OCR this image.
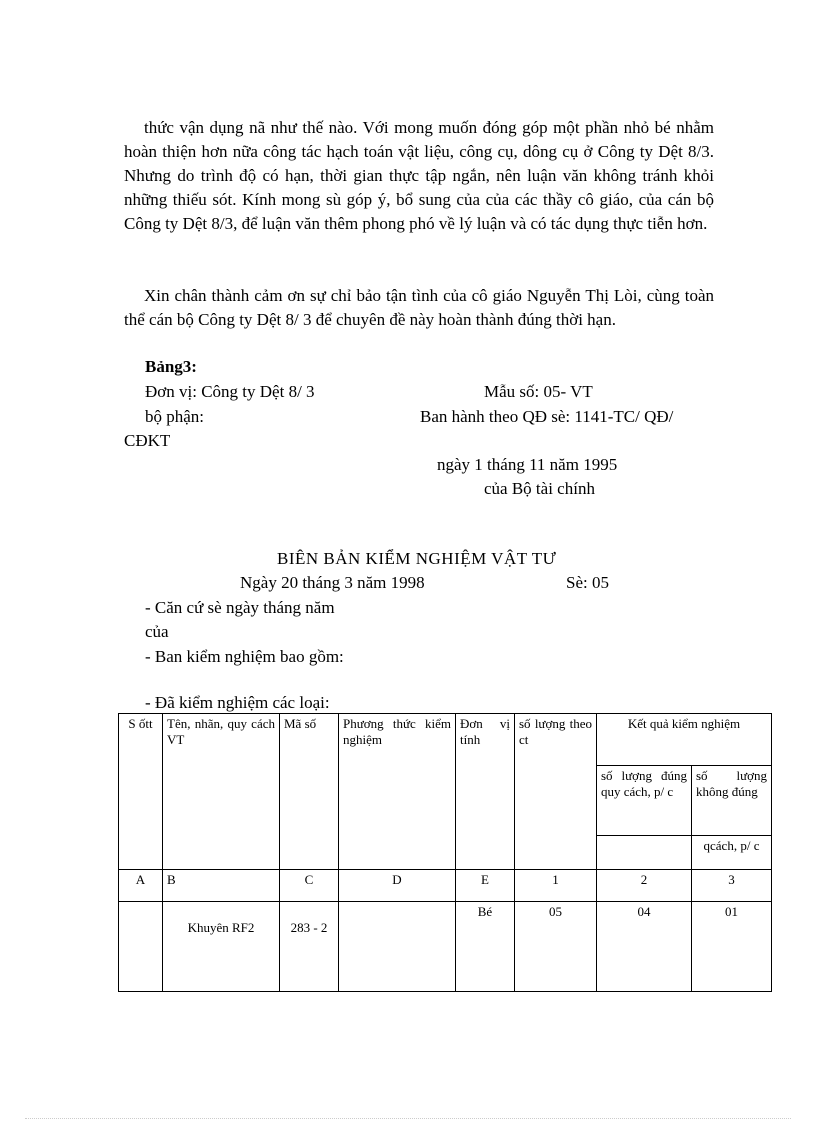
thức vận dụng nã như thế nào. Với mong muốn đóng góp một phần nhỏ bé nhằm hoàn thiện hơn nữa công tác hạch toán vật liệu, công cụ, dông cụ ở Công ty Dệt 8/3. Nhưng do trình độ có hạn, thời gian thực tập ngắn, nên luận văn không tránh khỏi những thiếu sót. Kính mong sù góp ý, bổ sung của của các thầy cô giáo, của cán bộ Công ty Dệt 8/3, để luận văn thêm phong phó về lý luận và có tác dụng thực tiễn hơn.

Xin chân thành cảm ơn sự chỉ bảo tận tình của cô giáo Nguyễn Thị Lòi, cùng toàn thể cán bộ Công ty Dệt 8/ 3 để chuyên đề này hoàn thành đúng thời hạn.

Bảng3:
Đơn vị: Công ty Dệt 8/ 3	Mẫu số: 05- VT
bộ phận:	Ban hành theo QĐ sè: 1141-TC/ QĐ/
CĐKT
ngày 1 tháng 11 năm 1995
của Bộ tài chính
BIÊN BẢN KIỂM NGHIỆM VẬT TƯ
Ngày 20 tháng 3 năm 1998	Sè: 05
- Căn cứ sè ngày tháng năm
của
- Ban kiểm nghiệm bao gồm:
- Đã kiểm nghiệm các loại:
S ốtt	Tên, nhãn, quy cách VT	Mã số	Phương thức kiểm nghiệm	Đơn vị tính	số lượng theo ct	Kết quả kiểm nghiệm	
						số lượng đúng quy cách, p/ c	số lượng không đúng
							qcách, p/ c
A	B	C	D	E	1	2	3
	Khuyên RF2	283 - 2		Bé	05	04	01
